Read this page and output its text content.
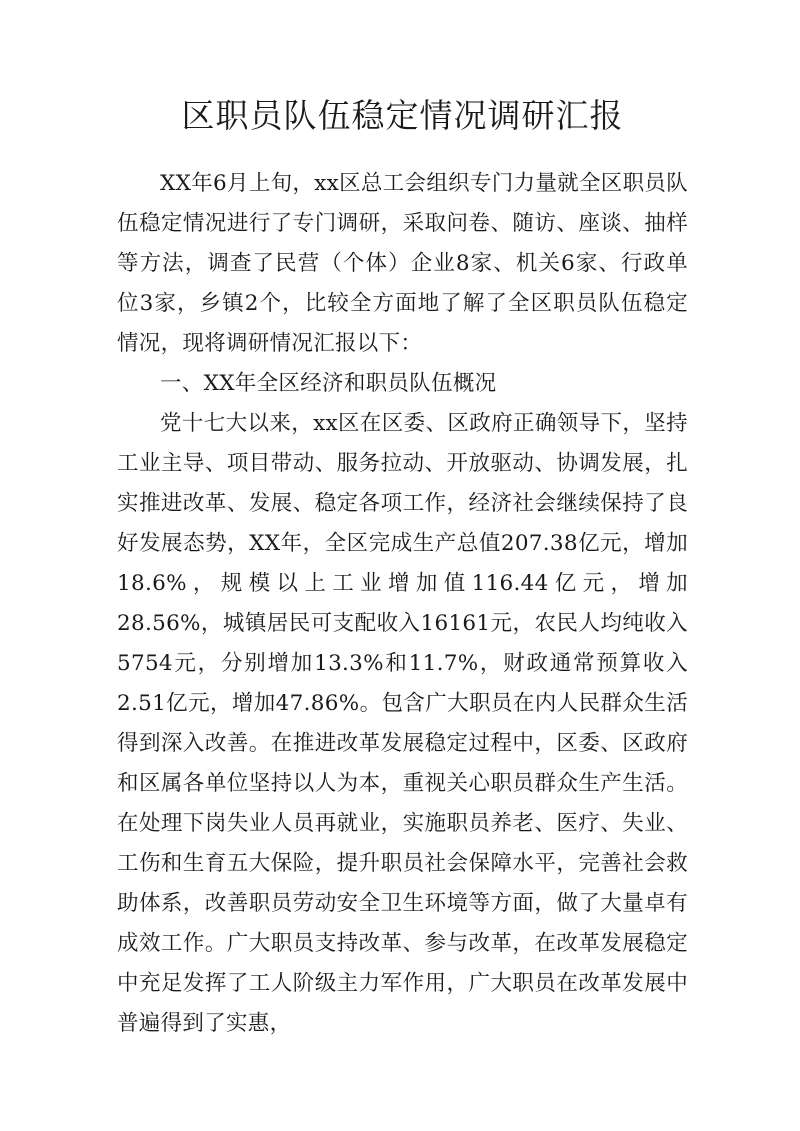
区职员队伍稳定情况调研汇报

XX年6月上旬，xx区总工会组织专门力量就全区职员队伍稳定情况进行了专门调研，采取问卷、随访、座谈、抽样等方法，调查了民营（个体）企业8家、机关6家、行政单位3家，乡镇2个，比较全方面地了解了全区职员队伍稳定情况，现将调研情况汇报以下：

一、XX年全区经济和职员队伍概况

党十七大以来，xx区在区委、区政府正确领导下，坚持工业主导、项目带动、服务拉动、开放驱动、协调发展，扎实推进改革、发展、稳定各项工作，经济社会继续保持了良好发展态势，XX年，全区完成生产总值207.38亿元，增加18.6%，规模以上工业增加值116.44亿元，增加28.56%，城镇居民可支配收入16161元，农民人均纯收入5754元，分别增加13.3%和11.7%，财政通常预算收入2.51亿元，增加47.86%。包含广大职员在内人民群众生活得到深入改善。在推进改革发展稳定过程中，区委、区政府和区属各单位坚持以人为本，重视关心职员群众生产生活。在处理下岗失业人员再就业，实施职员养老、医疗、失业、工伤和生育五大保险，提升职员社会保障水平，完善社会救助体系，改善职员劳动安全卫生环境等方面，做了大量卓有成效工作。广大职员支持改革、参与改革，在改革发展稳定中充足发挥了工人阶级主力军作用，广大职员在改革发展中普遍得到了实惠，
